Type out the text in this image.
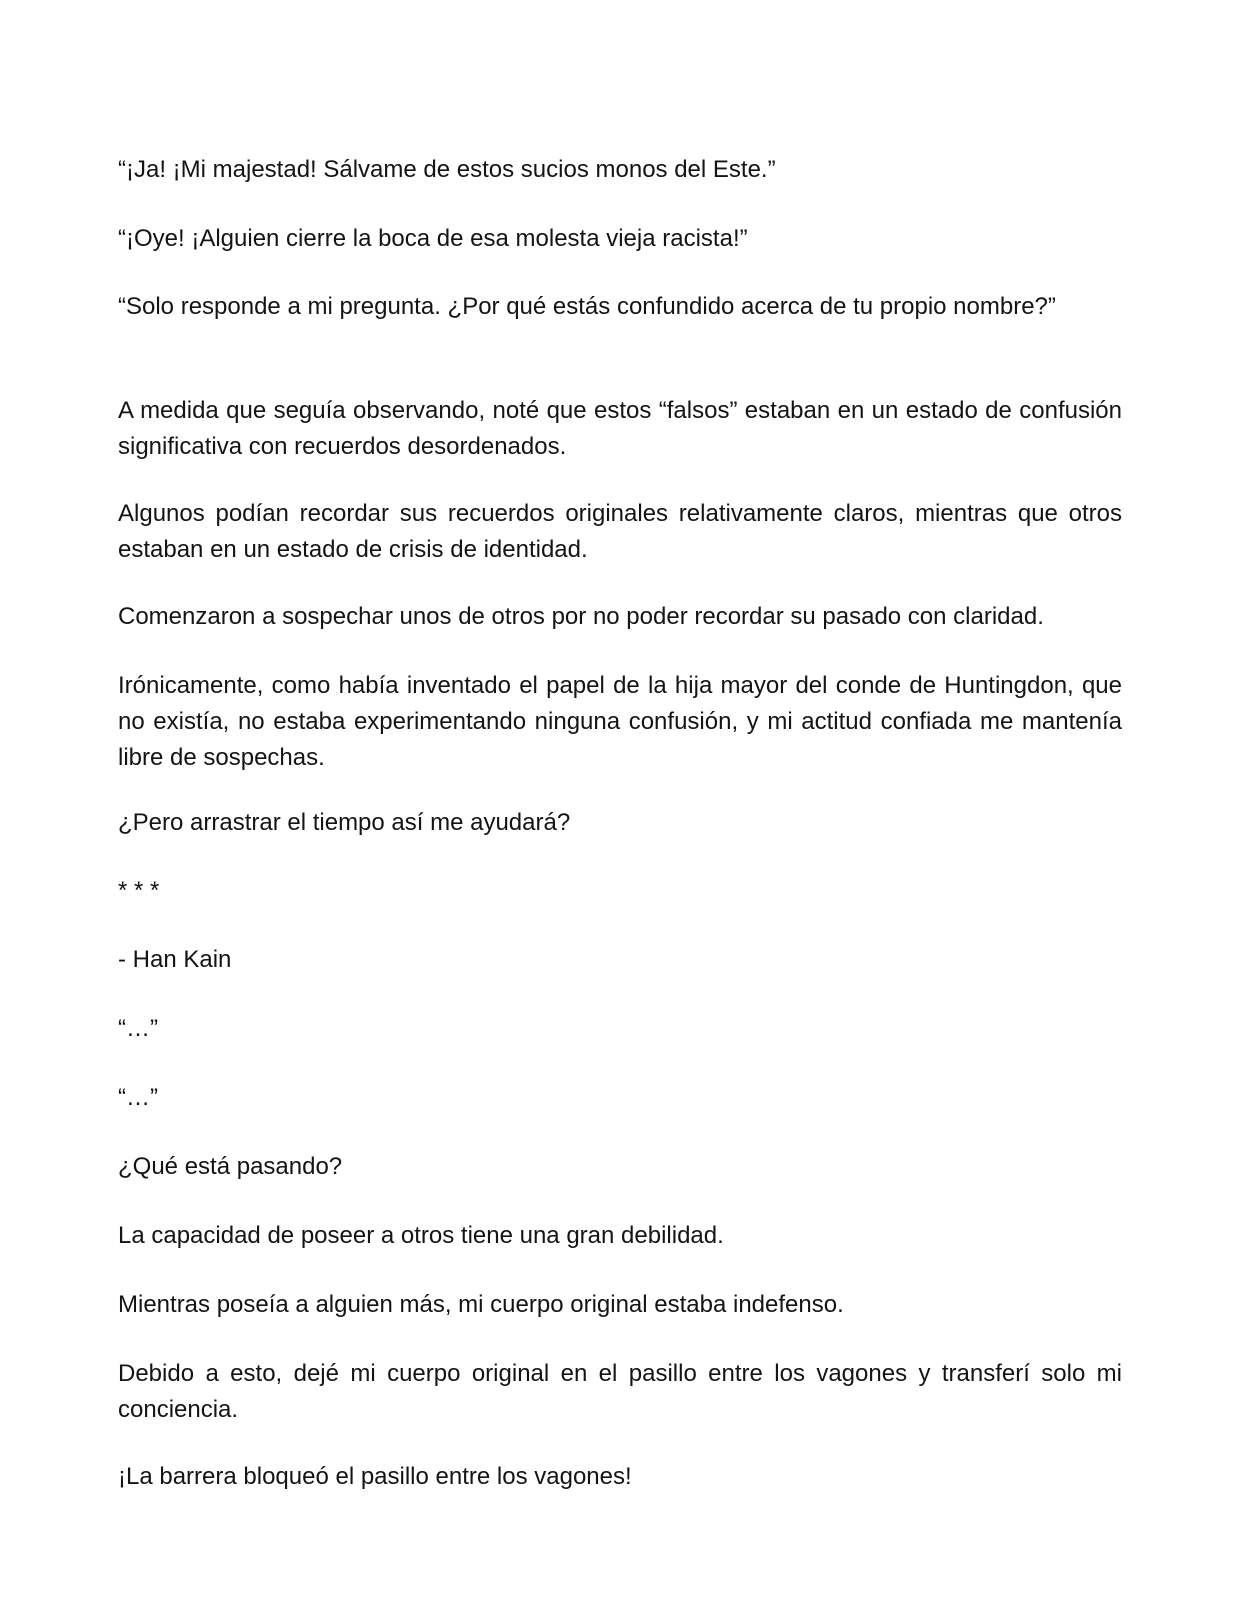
“¡Ja! ¡Mi majestad! Sálvame de estos sucios monos del Este.”

“¡Oye! ¡Alguien cierre la boca de esa molesta vieja racista!”

“Solo responde a mi pregunta. ¿Por qué estás confundido acerca de tu propio nombre?”

A medida que seguía observando, noté que estos “falsos” estaban en un estado de confusión significativa con recuerdos desordenados.

Algunos podían recordar sus recuerdos originales relativamente claros, mientras que otros estaban en un estado de crisis de identidad.

Comenzaron a sospechar unos de otros por no poder recordar su pasado con claridad.

Irónicamente, como había inventado el papel de la hija mayor del conde de Huntingdon, que no existía, no estaba experimentando ninguna confusión, y mi actitud confiada me mantenía libre de sospechas.

¿Pero arrastrar el tiempo así me ayudará?

* * *

- Han Kain

“…”

“…”

¿Qué está pasando?

La capacidad de poseer a otros tiene una gran debilidad.

Mientras poseía a alguien más, mi cuerpo original estaba indefenso.

Debido a esto, dejé mi cuerpo original en el pasillo entre los vagones y transferí solo mi conciencia.

¡La barrera bloqueó el pasillo entre los vagones!
